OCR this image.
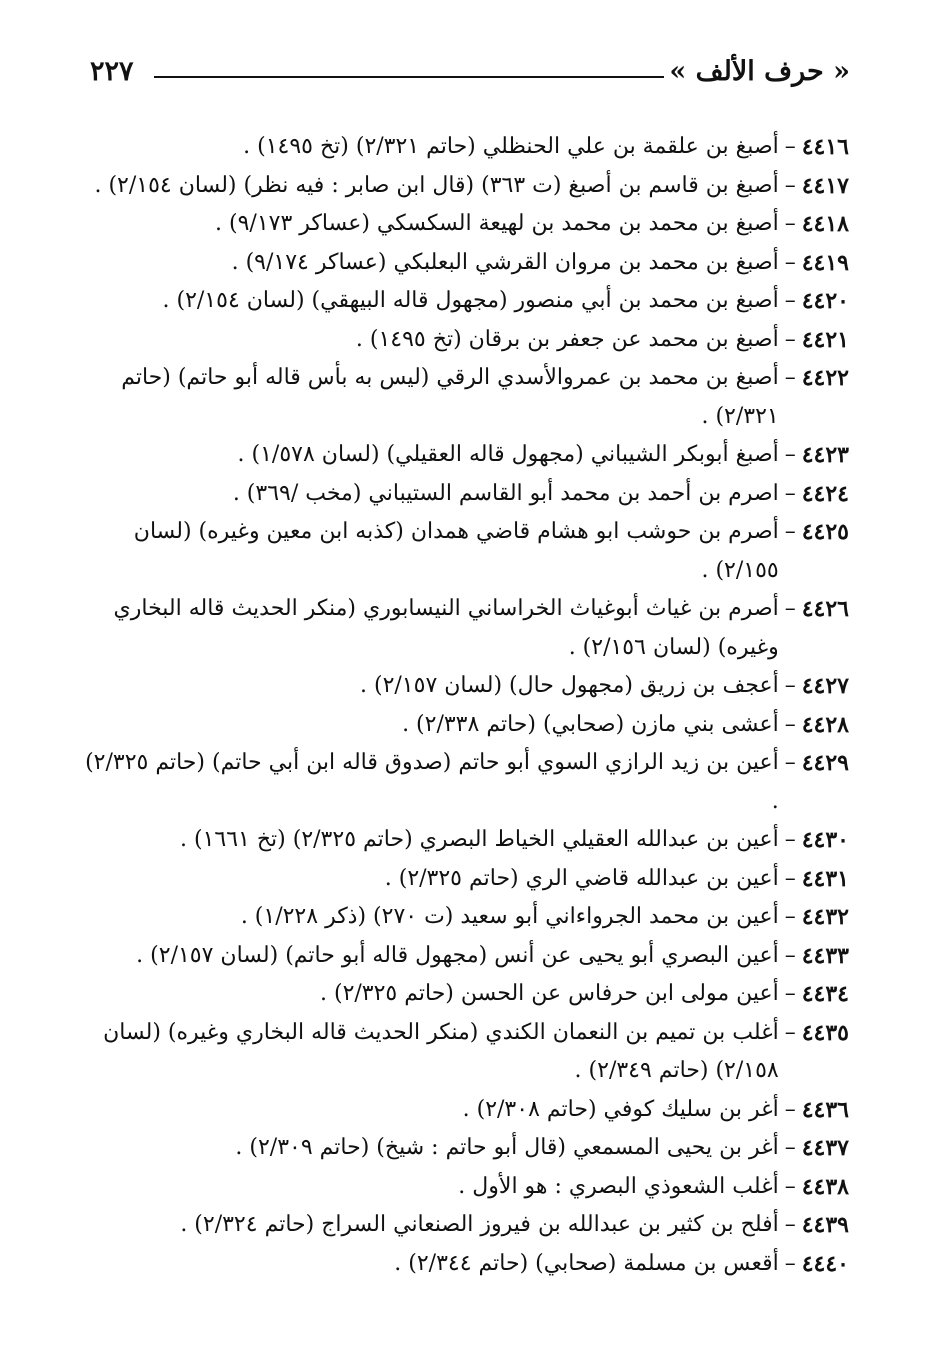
« حرف الألف »
٢٢٧
٤٤١٦
–
أصبغ بن علقمة بن علي الحنظلي (حاتم ٢/٣٢١) (تخ ١٤٩٥) .
٤٤١٧
–
أصبغ بن قاسم بن أصبغ (ت ٣٦٣) (قال ابن صابر : فيه نظر) (لسان ٢/١٥٤) .
٤٤١٨
–
أصبغ بن محمد بن محمد بن لهيعة السكسكي (عساكر ٩/١٧٣) .
٤٤١٩
–
أصبغ بن محمد بن مروان القرشي البعلبكي (عساكر ٩/١٧٤) .
٤٤٢٠
–
أصبغ بن محمد بن أبي منصور (مجهول قاله البيهقي) (لسان ٢/١٥٤) .
٤٤٢١
–
أصبغ بن محمد عن جعفر بن برقان (تخ ١٤٩٥) .
٤٤٢٢
–
أصبغ بن محمد بن عمروالأسدي الرقي (ليس به بأس قاله أبو حاتم) (حاتم ٢/٣٢١) .
٤٤٢٣
–
أصبغ أبوبكر الشيباني (مجهول قاله العقيلي) (لسان ١/٥٧٨) .
٤٤٢٤
–
اصرم بن أحمد بن محمد أبو القاسم الستيباني (مخب /٣٦٩) .
٤٤٢٥
–
أصرم بن حوشب ابو هشام قاضي همدان (كذبه ابن معين وغيره) (لسان ٢/١٥٥) .
٤٤٢٦
–
أصرم بن غياث أبوغياث الخراساني النيسابوري (منكر الحديث قاله البخاري وغيره) (لسان ٢/١٥٦) .
٤٤٢٧
–
أعجف بن زريق (مجهول حال) (لسان ٢/١٥٧) .
٤٤٢٨
–
أعشى بني مازن (صحابي) (حاتم ٢/٣٣٨) .
٤٤٢٩
–
أعين بن زيد الرازي السوي أبو حاتم (صدوق قاله ابن أبي حاتم) (حاتم ٢/٣٢٥) .
٤٤٣٠
–
أعين بن عبدالله العقيلي الخياط البصري (حاتم ٢/٣٢٥) (تخ ١٦٦١) .
٤٤٣١
–
أعين بن عبدالله قاضي الري (حاتم ٢/٣٢٥) .
٤٤٣٢
–
أعين بن محمد الجرواءاني أبو سعيد (ت ٢٧٠) (ذكر ١/٢٢٨) .
٤٤٣٣
–
أعين البصري أبو يحيى عن أنس (مجهول قاله أبو حاتم) (لسان ٢/١٥٧) .
٤٤٣٤
–
أعين مولى ابن حرفاس عن الحسن (حاتم ٢/٣٢٥) .
٤٤٣٥
–
أغلب بن تميم بن النعمان الكندي (منكر الحديث قاله البخاري وغيره) (لسان ٢/١٥٨) (حاتم ٢/٣٤٩) .
٤٤٣٦
–
أغر بن سليك كوفي (حاتم ٢/٣٠٨) .
٤٤٣٧
–
أغر بن يحيى المسمعي (قال أبو حاتم : شيخ) (حاتم ٢/٣٠٩) .
٤٤٣٨
–
أغلب الشعوذي البصري : هو الأول .
٤٤٣٩
–
أفلح بن كثير بن عبدالله بن فيروز الصنعاني السراج (حاتم ٢/٣٢٤) .
٤٤٤٠
–
أقعس بن مسلمة (صحابي) (حاتم ٢/٣٤٤) .
